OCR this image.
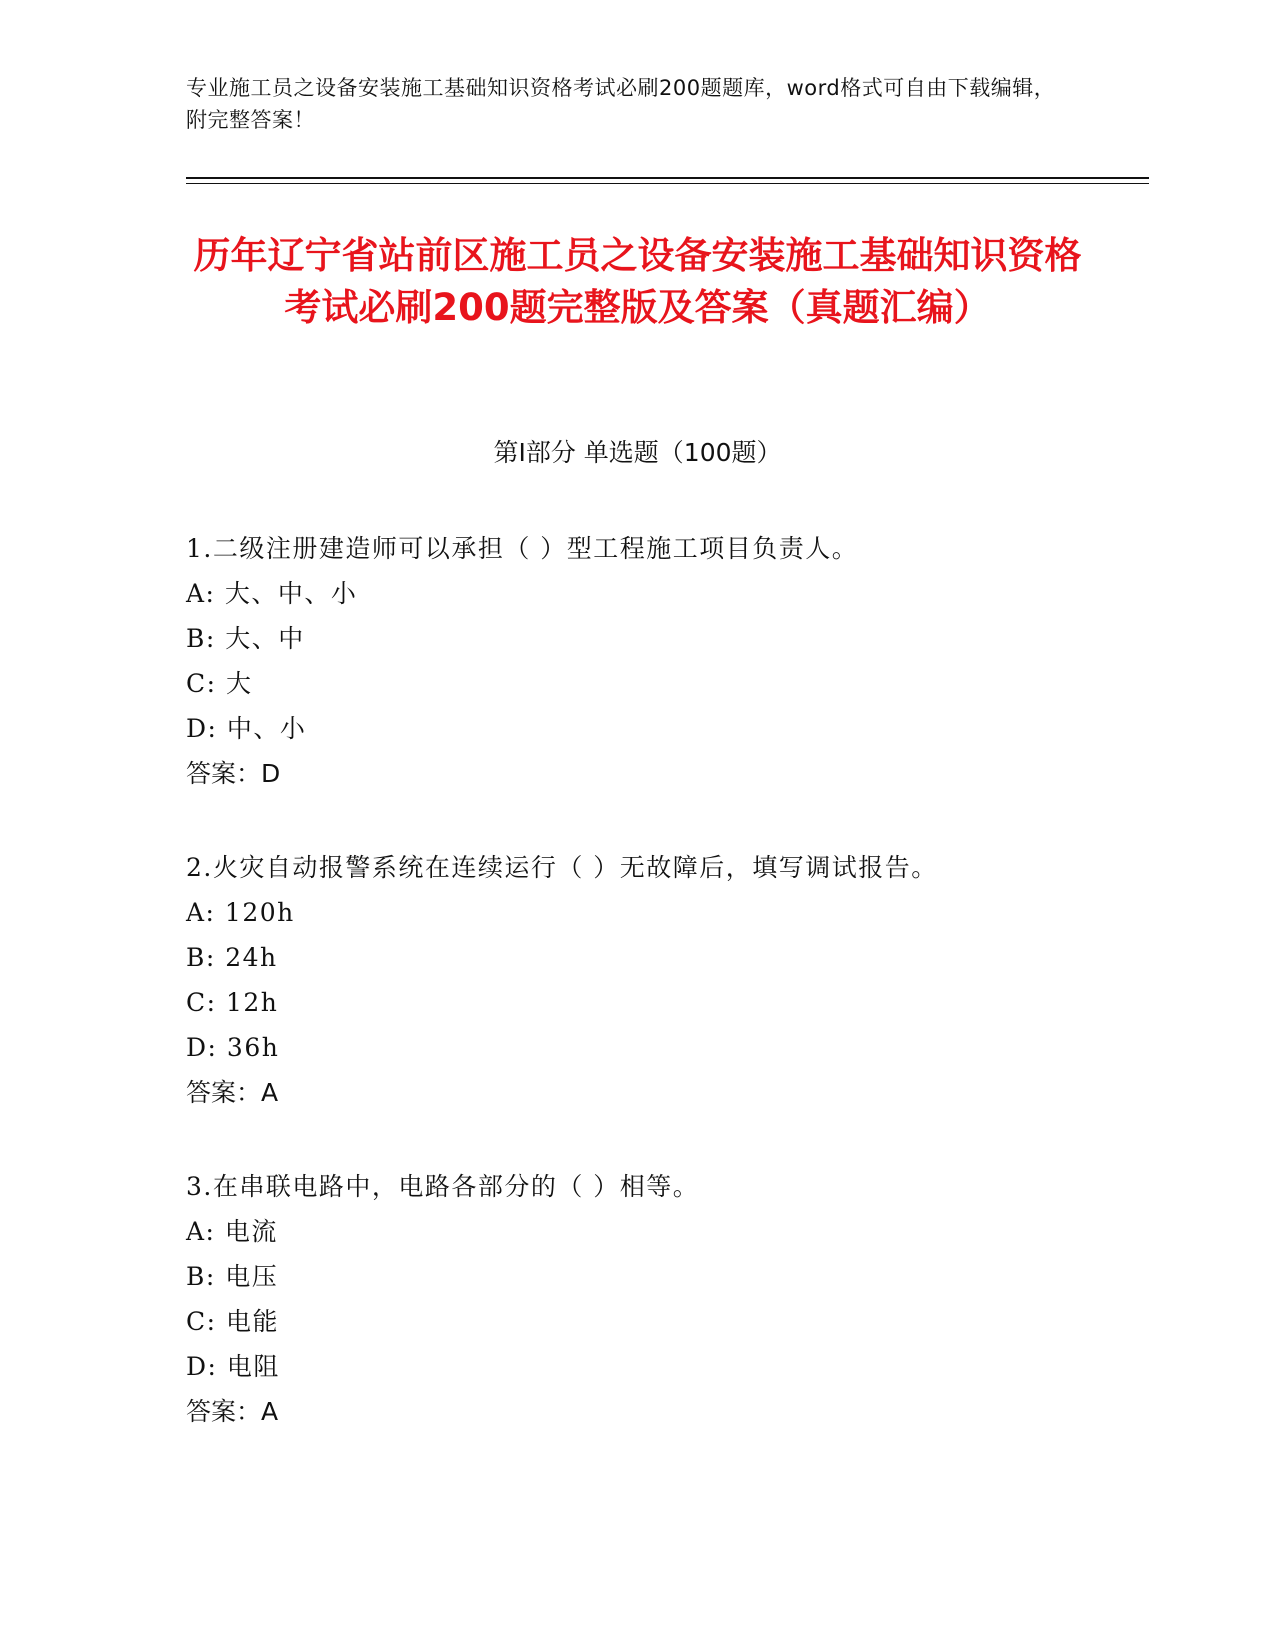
专业施工员之设备安装施工基础知识资格考试必刷200题题库，word格式可自由下载编辑，附完整答案！
历年辽宁省站前区施工员之设备安装施工基础知识资格考试必刷200题完整版及答案（真题汇编）
第Ⅰ部分 单选题（100题）
1.二级注册建造师可以承担（ ）型工程施工项目负责人。
A: 大、中、小
B: 大、中
C: 大
D: 中、小
答案：D
2.火灾自动报警系统在连续运行（ ）无故障后，填写调试报告。
A: 120h
B: 24h
C: 12h
D: 36h
答案：A
3.在串联电路中，电路各部分的（ ）相等。
A: 电流
B: 电压
C: 电能
D: 电阻
答案：A
